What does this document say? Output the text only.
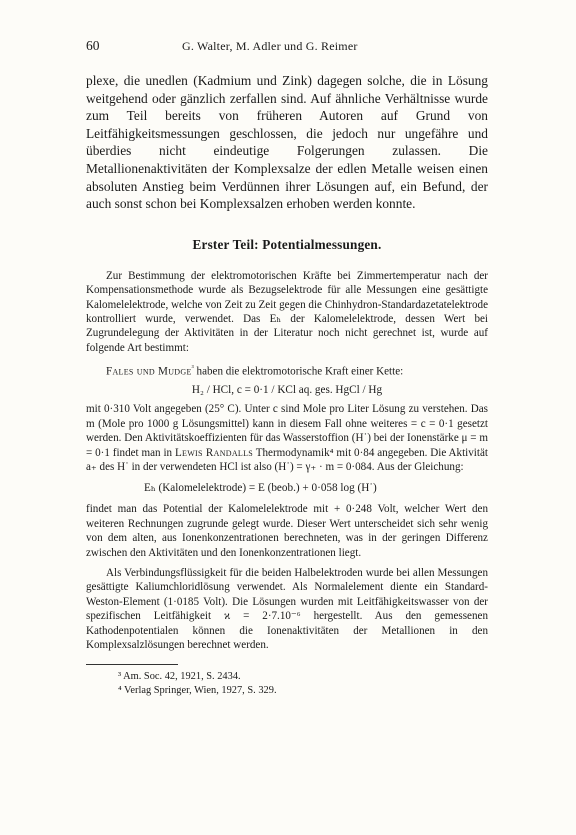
60	G. Walter, M. Adler und G. Reimer

plexe, die unedlen (Kadmium und Zink) dagegen solche, die in Lösung weitgehend oder gänzlich zerfallen sind. Auf ähnliche Verhältnisse wurde zum Teil bereits von früheren Autoren auf Grund von Leitfähigkeitsmessungen geschlossen, die jedoch nur ungefähre und überdies nicht eindeutige Folgerungen zulassen. Die Metallionenaktivitäten der Komplexsalze der edlen Metalle weisen einen absoluten Anstieg beim Verdünnen ihrer Lösungen auf, ein Befund, der auch sonst schon bei Komplexsalzen erhoben werden konnte.

Erster Teil: Potentialmessungen.

Zur Bestimmung der elektromotorischen Kräfte bei Zimmertemperatur nach der Kompensationsmethode wurde als Bezugselektrode für alle Messungen eine gesättigte Kalomelelektrode, welche von Zeit zu Zeit gegen die Chinhydron-Standardazetatelektrode kontrolliert wurde, verwendet. Das Eₕ der Kalomelelektrode, dessen Wert bei Zugrundelegung der Aktivitäten in der Literatur noch nicht gerechnet ist, wurde auf folgende Art bestimmt:

Fales und Mudge$^{^3}$ haben die elektromotorische Kraft einer Kette:

H₂ / HCl, c = 0·1 / KCl aq. ges. HgCl / Hg

mit 0·310 Volt angegeben (25° C). Unter c sind Mole pro Liter Lösung zu verstehen. Das m (Mole pro 1000 g Lösungsmittel) kann in diesem Fall ohne weiteres = c = 0·1 gesetzt werden. Den Aktivitätskoeffizienten für das Wasserstoffion (H˙) bei der Ionenstärke μ = m = 0·1 findet man in Lewis Randalls Thermodynamik⁴ mit 0·84 angegeben. Die Aktivität a₊ des H˙ in der verwendeten HCl ist also (H˙) = γ₊ · m = 0·084. Aus der Gleichung:

Eₕ (Kalomelelektrode) = E (beob.) + 0·058 log (H˙)

findet man das Potential der Kalomelelektrode mit + 0·248 Volt, welcher Wert den weiteren Rechnungen zugrunde gelegt wurde. Dieser Wert unterscheidet sich sehr wenig von dem alten, aus Ionenkonzentrationen berechneten, was in der geringen Differenz zwischen den Aktivitäten und den Ionenkonzentrationen liegt.

Als Verbindungsflüssigkeit für die beiden Halbelektroden wurde bei allen Messungen gesättigte Kaliumchloridlösung verwendet. Als Normalelement diente ein Standard-Weston-Element (1·0185 Volt). Die Lösungen wurden mit Leitfähigkeitswasser von der spezifischen Leitfähigkeit ϰ = 2·7.10⁻⁶ hergestellt. Aus den gemessenen Kathodenpotentialen können die Ionenaktivitäten der Metallionen in den Komplexsalzlösungen berechnet werden.

³ Am. Soc. 42, 1921, S. 2434.
⁴ Verlag Springer, Wien, 1927, S. 329.
